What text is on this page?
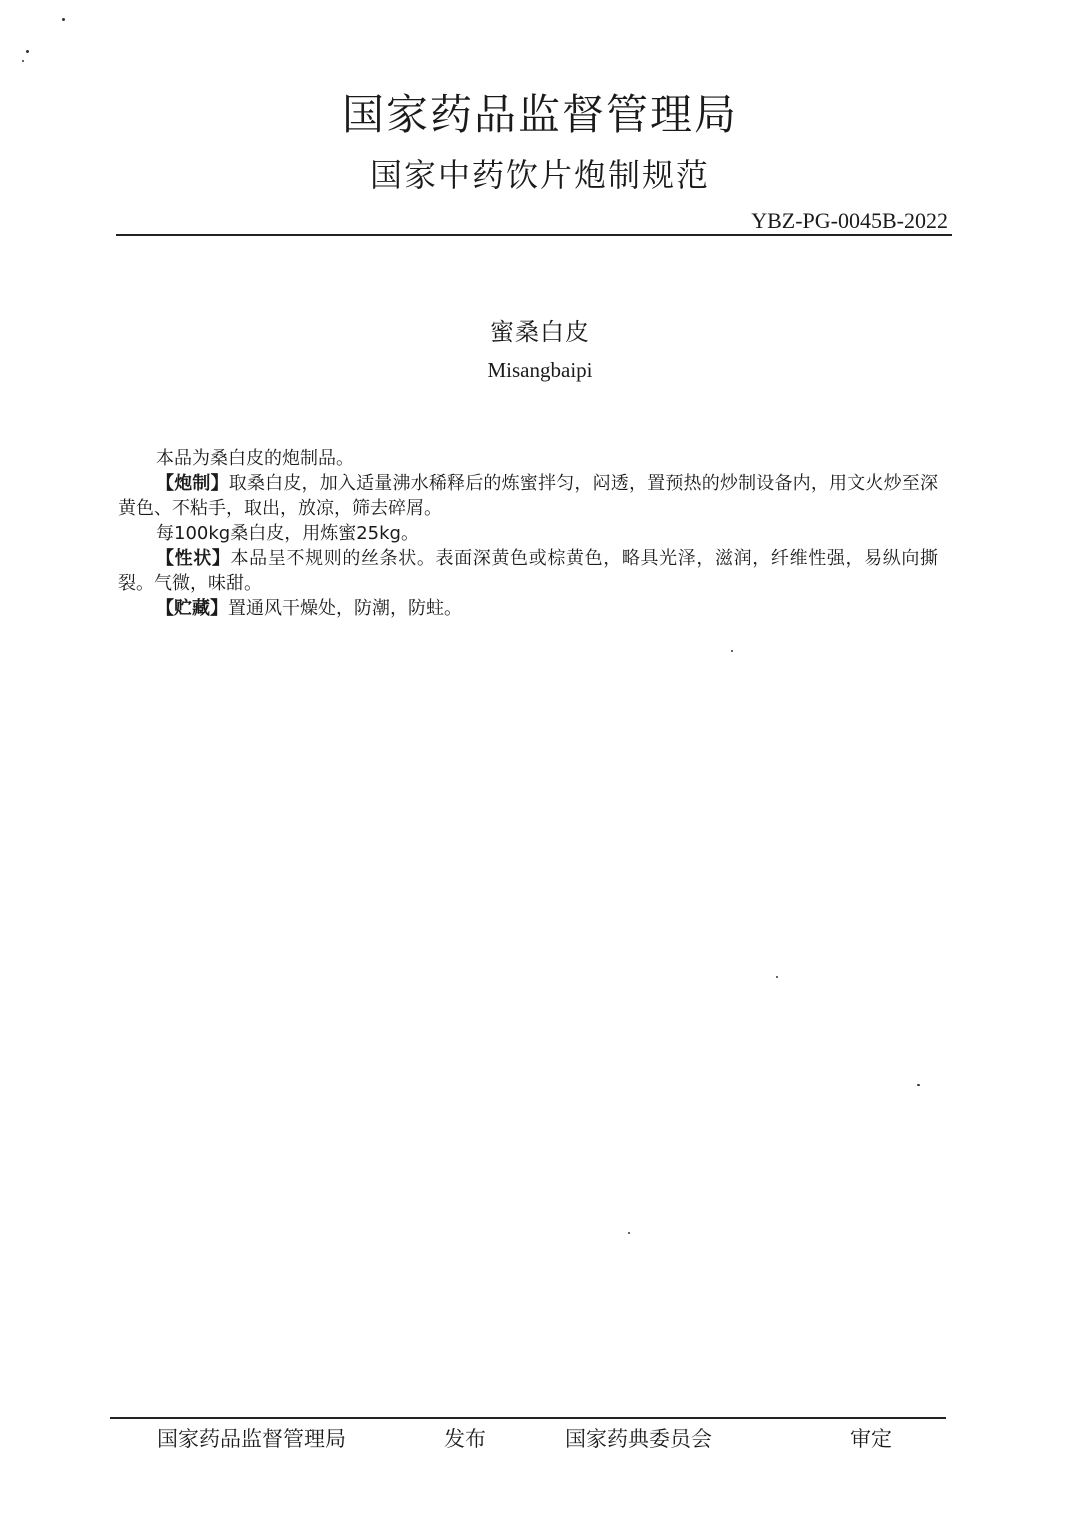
国家药品监督管理局
国家中药饮片炮制规范
YBZ-PG-0045B-2022
蜜桑白皮
Misangbaipi

本品为桑白皮的炮制品。

【炮制】取桑白皮，加入适量沸水稀释后的炼蜜拌匀，闷透，置预热的炒制设备内，用文火炒至深黄色、不粘手，取出，放凉，筛去碎屑。

每100kg桑白皮，用炼蜜25kg。

【性状】本品呈不规则的丝条状。表面深黄色或棕黄色，略具光泽，滋润，纤维性强，易纵向撕裂。气微，味甜。

【贮藏】置通风干燥处，防潮，防蛀。

国家药品监督管理局	发布	国家药典委员会	审定
